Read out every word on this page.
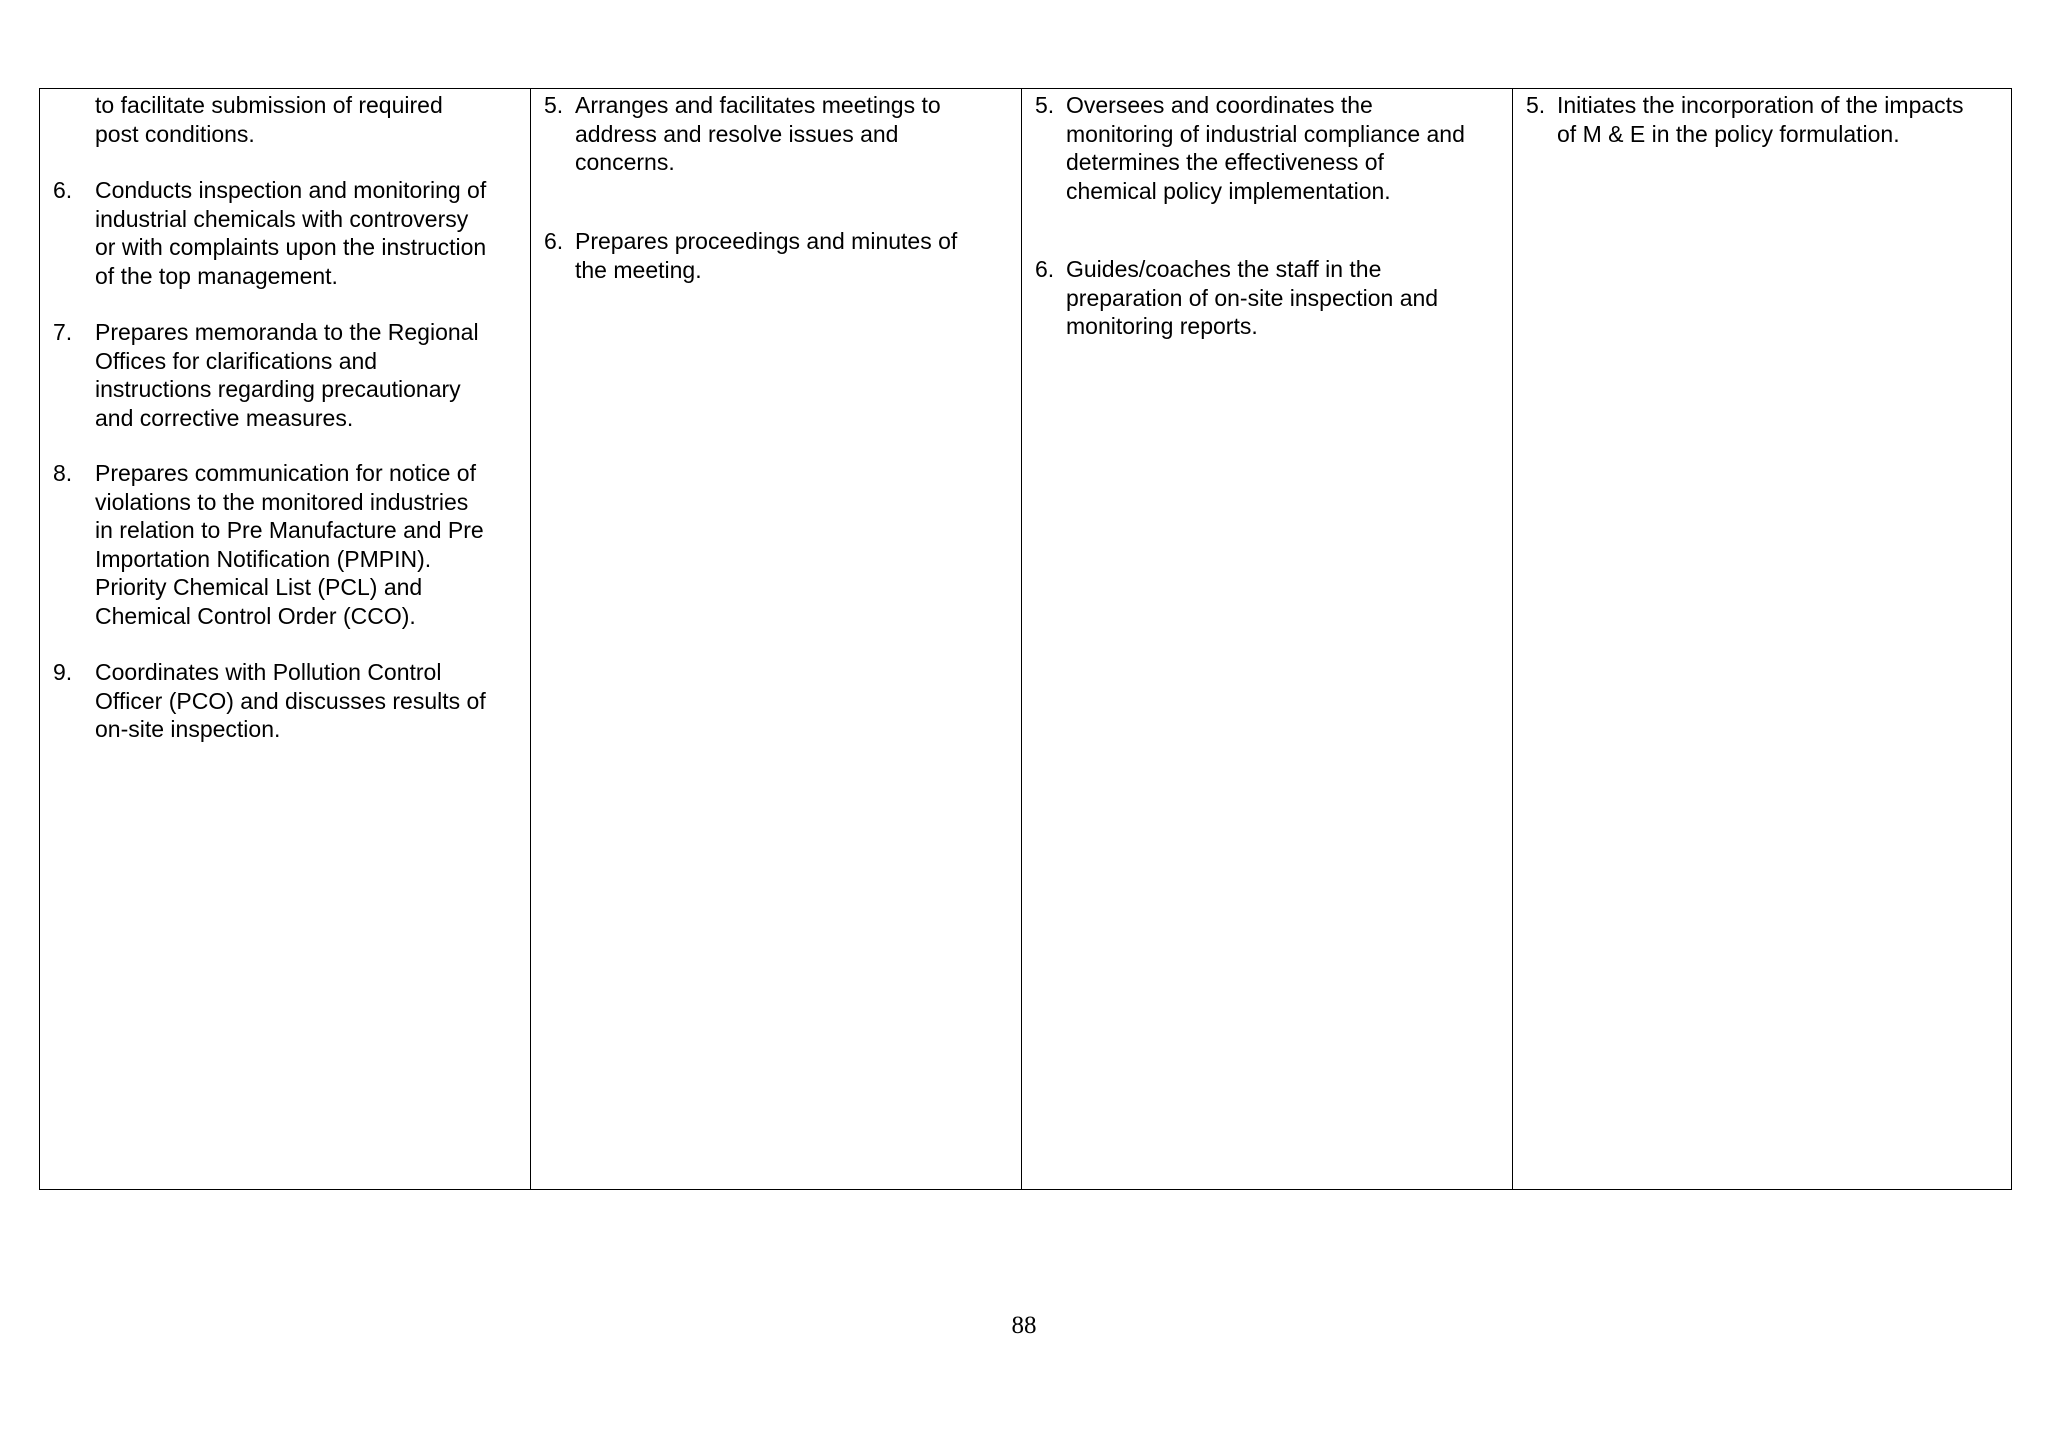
to facilitate submission of required
post conditions.
6. Conducts inspection and monitoring of
industrial chemicals with controversy
or with complaints upon the instruction
of the top management.
7. Prepares memoranda to the Regional
Offices for clarifications and
instructions regarding precautionary
and corrective measures.
8. Prepares communication for notice of
violations to the monitored industries
in relation to Pre Manufacture and Pre
Importation Notification (PMPIN).
Priority Chemical List (PCL) and
Chemical Control Order (CCO).
9. Coordinates with Pollution Control
Officer (PCO) and discusses results of
on-site inspection.

5. Arranges and facilitates meetings to
address and resolve issues and
concerns.
6. Prepares proceedings and minutes of
the meeting.

5. Oversees and coordinates the
monitoring of industrial compliance and
determines the effectiveness of
chemical policy implementation.
6. Guides/coaches the staff in the
preparation of on-site inspection and
monitoring reports.

5. Initiates the incorporation of the impacts
of M & E in the policy formulation.
88
